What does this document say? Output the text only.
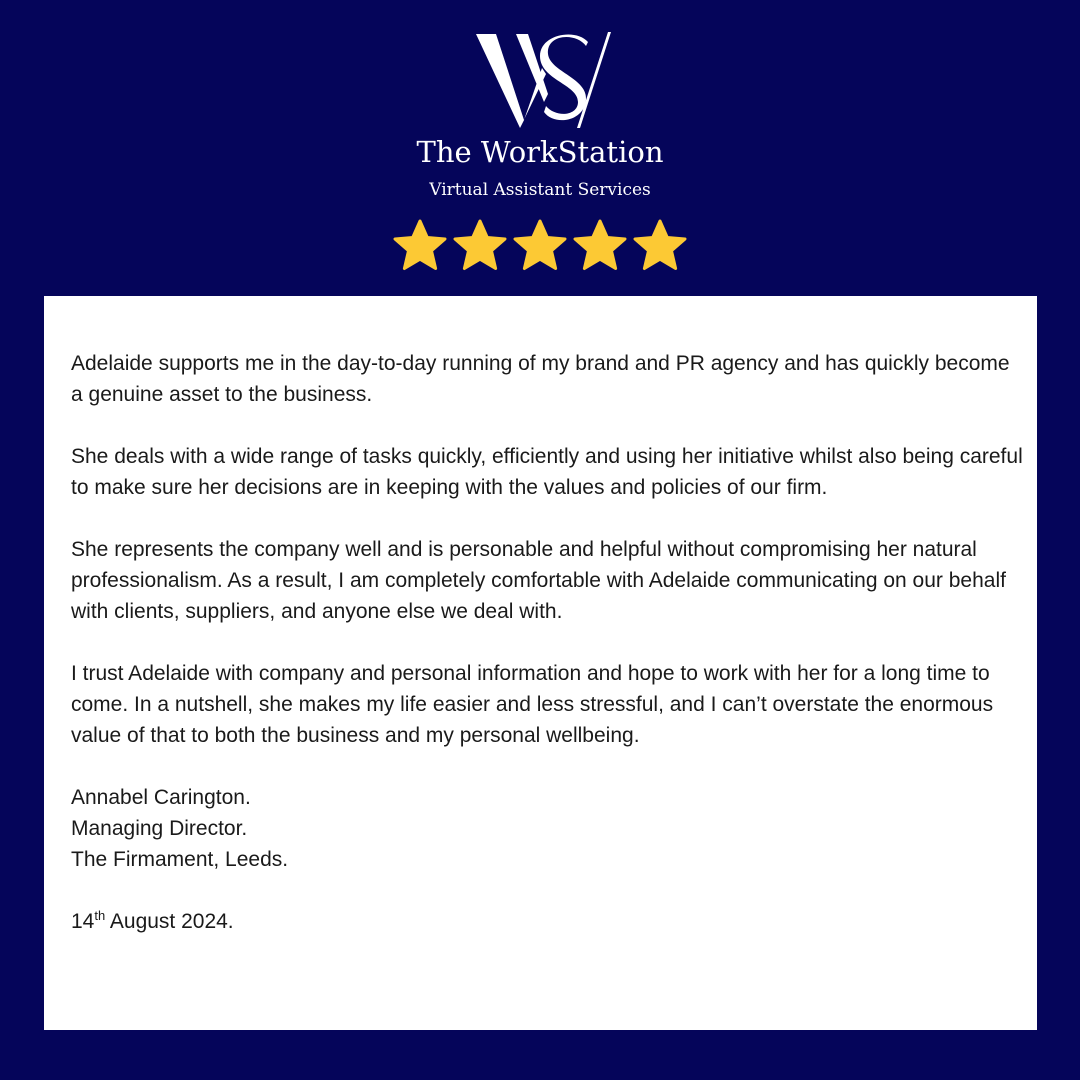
The WorkStation
Virtual Assistant Services

Adelaide supports me in the day-to-day running of my brand and PR agency and has quickly become a genuine asset to the business.

She deals with a wide range of tasks quickly, efficiently and using her initiative whilst also being careful to make sure her decisions are in keeping with the values and policies of our firm.

She represents the company well and is personable and helpful without compromising her natural professionalism. As a result, I am completely comfortable with Adelaide communicating on our behalf with clients, suppliers, and anyone else we deal with.

I trust Adelaide with company and personal information and hope to work with her for a long time to come. In a nutshell, she makes my life easier and less stressful, and I can’t overstate the enormous value of that to both the business and my personal wellbeing.

Annabel Carington.
Managing Director.
The Firmament, Leeds.

14th August 2024.
